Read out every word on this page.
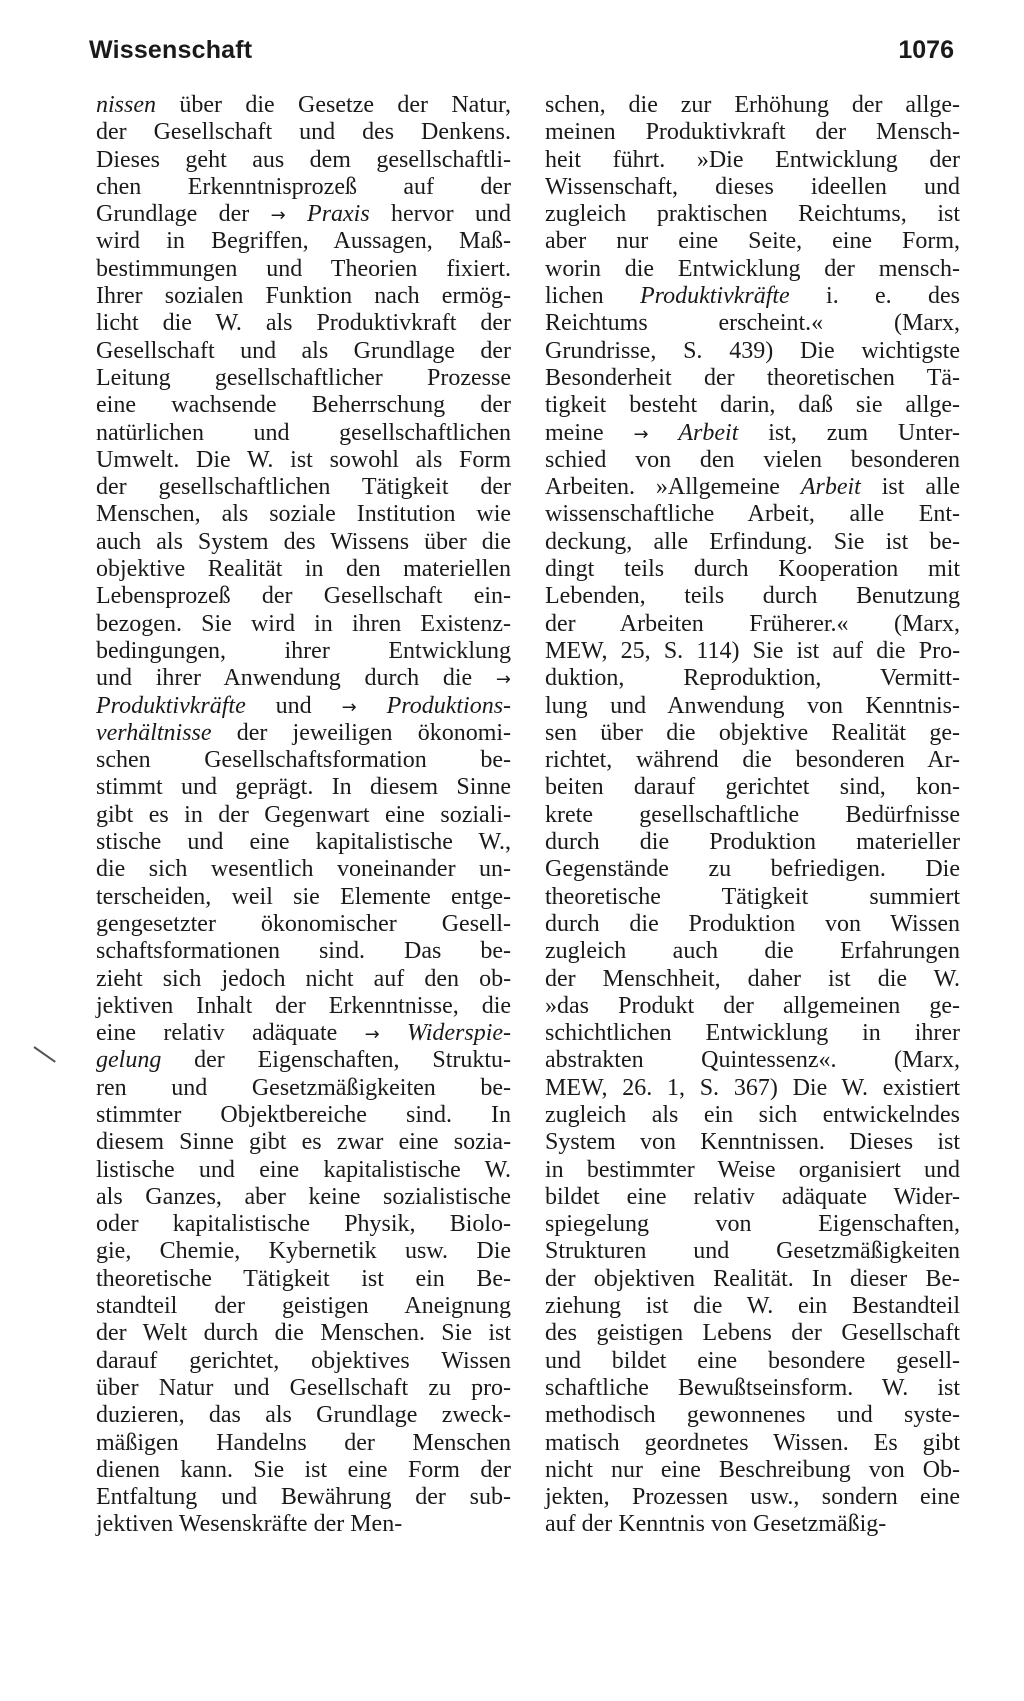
Wissenschaft	1076
nissen über die Gesetze der Natur,
der Gesellschaft und des Denkens.
Dieses geht aus dem gesellschaftli-
chen Erkenntnisprozeß auf der
Grundlage der → Praxis hervor und
wird in Begriffen, Aussagen, Maß-
bestimmungen und Theorien fixiert.
Ihrer sozialen Funktion nach ermög-
licht die W. als Produktivkraft der
Gesellschaft und als Grundlage der
Leitung gesellschaftlicher Prozesse
eine wachsende Beherrschung der
natürlichen und gesellschaftlichen
Umwelt. Die W. ist sowohl als Form
der gesellschaftlichen Tätigkeit der
Menschen, als soziale Institution wie
auch als System des Wissens über die
objektive Realität in den materiellen
Lebensprozeß der Gesellschaft ein-
bezogen. Sie wird in ihren Existenz-
bedingungen, ihrer Entwicklung
und ihrer Anwendung durch die →
Produktivkräfte und → Produktions-
verhältnisse der jeweiligen ökonomi-
schen Gesellschaftsformation be-
stimmt und geprägt. In diesem Sinne
gibt es in der Gegenwart eine soziali-
stische und eine kapitalistische W.,
die sich wesentlich voneinander un-
terscheiden, weil sie Elemente entge-
gengesetzter ökonomischer Gesell-
schaftsformationen sind. Das be-
zieht sich jedoch nicht auf den ob-
jektiven Inhalt der Erkenntnisse, die
eine relativ adäquate → Widerspie-
gelung der Eigenschaften, Struktu-
ren und Gesetzmäßigkeiten be-
stimmter Objektbereiche sind. In
diesem Sinne gibt es zwar eine sozia-
listische und eine kapitalistische W.
als Ganzes, aber keine sozialistische
oder kapitalistische Physik, Biolo-
gie, Chemie, Kybernetik usw. Die
theoretische Tätigkeit ist ein Be-
standteil der geistigen Aneignung
der Welt durch die Menschen. Sie ist
darauf gerichtet, objektives Wissen
über Natur und Gesellschaft zu pro-
duzieren, das als Grundlage zweck-
mäßigen Handelns der Menschen
dienen kann. Sie ist eine Form der
Entfaltung und Bewährung der sub-
jektiven Wesenskräfte der Men-
schen, die zur Erhöhung der allge-
meinen Produktivkraft der Mensch-
heit führt. »Die Entwicklung der
Wissenschaft, dieses ideellen und
zugleich praktischen Reichtums, ist
aber nur eine Seite, eine Form,
worin die Entwicklung der mensch-
lichen Produktivkräfte i. e. des
Reichtums	erscheint.«	(Marx,
Grundrisse, S. 439) Die wichtigste
Besonderheit der theoretischen Tä-
tigkeit besteht darin, daß sie allge-
meine → Arbeit ist, zum Unter-
schied von den vielen besonderen
Arbeiten. »Allgemeine Arbeit ist alle
wissenschaftliche Arbeit, alle Ent-
deckung, alle Erfindung. Sie ist be-
dingt teils durch Kooperation mit
Lebenden, teils durch Benutzung
der Arbeiten Früherer.« (Marx,
MEW, 25, S. 114) Sie ist auf die Pro-
duktion, Reproduktion, Vermitt-
lung und Anwendung von Kenntnis-
sen über die objektive Realität ge-
richtet, während die besonderen Ar-
beiten darauf gerichtet sind, kon-
krete gesellschaftliche Bedürfnisse
durch die Produktion materieller
Gegenstände zu befriedigen. Die
theoretische	Tätigkeit	summiert
durch die Produktion von Wissen
zugleich auch die Erfahrungen
der Menschheit, daher ist die W.
»das Produkt der allgemeinen ge-
schichtlichen Entwicklung in ihrer
abstrakten Quintessenz«. (Marx,
MEW, 26. 1, S. 367) Die W. existiert
zugleich als ein sich entwickelndes
System von Kenntnissen. Dieses ist
in bestimmter Weise organisiert und
bildet eine relativ adäquate Wider-
spiegelung	von	Eigenschaften,
Strukturen und Gesetzmäßigkeiten
der objektiven Realität. In dieser Be-
ziehung ist die W. ein Bestandteil
des geistigen Lebens der Gesellschaft
und bildet eine besondere gesell-
schaftliche Bewußtseinsform. W. ist
methodisch gewonnenes und syste-
matisch geordnetes Wissen. Es gibt
nicht nur eine Beschreibung von Ob-
jekten, Prozessen usw., sondern eine
auf der Kenntnis von Gesetzmäßig-
